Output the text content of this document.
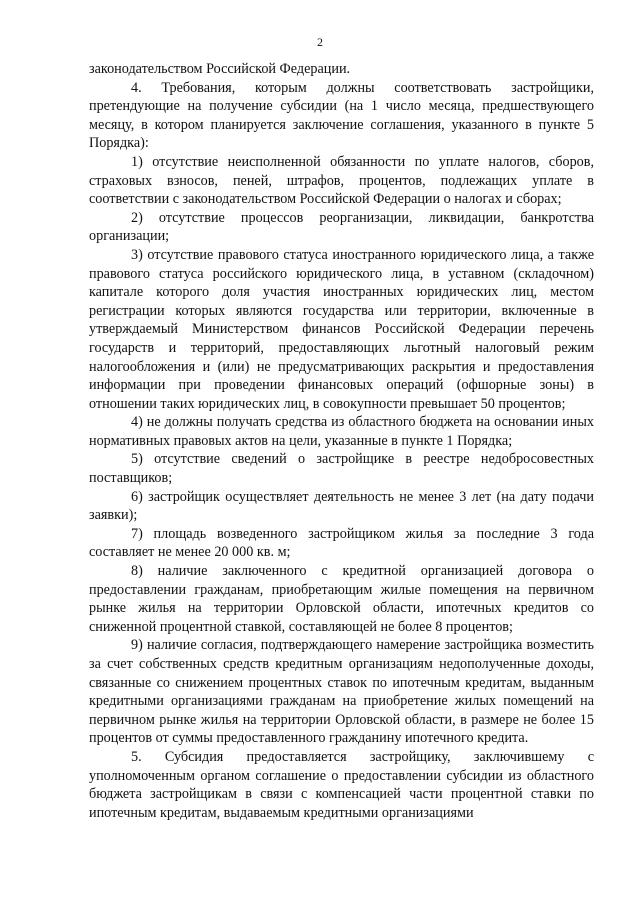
2

законодательством Российской Федерации.

4. Требования, которым должны соответствовать застройщики, претендующие на получение субсидии (на 1 число месяца, предшествующего месяцу, в котором планируется заключение соглашения, указанного в пункте 5 Порядка):

1) отсутствие неисполненной обязанности по уплате налогов, сборов, страховых взносов, пеней, штрафов, процентов, подлежащих уплате в соответствии с законодательством Российской Федерации о налогах и сборах;

2) отсутствие процессов реорганизации, ликвидации, банкротства организации;

3) отсутствие правового статуса иностранного юридического лица, а также правового статуса российского юридического лица, в уставном (складочном) капитале которого доля участия иностранных юридических лиц, местом регистрации которых являются государства или территории, включенные в утверждаемый Министерством финансов Российской Федерации перечень государств и территорий, предоставляющих льготный налоговый режим налогообложения и (или) не предусматривающих раскрытия и предоставления информации при проведении финансовых операций (офшорные зоны) в отношении таких юридических лиц, в совокупности превышает 50 процентов;

4) не должны получать средства из областного бюджета на основании иных нормативных правовых актов на цели, указанные в пункте 1 Порядка;

5) отсутствие сведений о застройщике в реестре недобросовестных поставщиков;

6) застройщик осуществляет деятельность не менее 3 лет (на дату подачи заявки);

7) площадь возведенного застройщиком жилья за последние 3 года составляет не менее 20 000 кв. м;

8) наличие заключенного с кредитной организацией договора о предоставлении гражданам, приобретающим жилые помещения на первичном рынке жилья на территории Орловской области, ипотечных кредитов со сниженной процентной ставкой, составляющей не более 8 процентов;

9) наличие согласия, подтверждающего намерение застройщика возместить за счет собственных средств кредитным организациям недополученные доходы, связанные со снижением процентных ставок по ипотечным кредитам, выданным кредитными организациями гражданам на приобретение жилых помещений на первичном рынке жилья на территории Орловской области, в размере не более 15 процентов от суммы предоставленного гражданину ипотечного кредита.

5. Субсидия предоставляется застройщику, заключившему с уполномоченным органом соглашение о предоставлении субсидии из областного бюджета застройщикам в связи с компенсацией части процентной ставки по ипотечным кредитам, выдаваемым кредитными организациями
